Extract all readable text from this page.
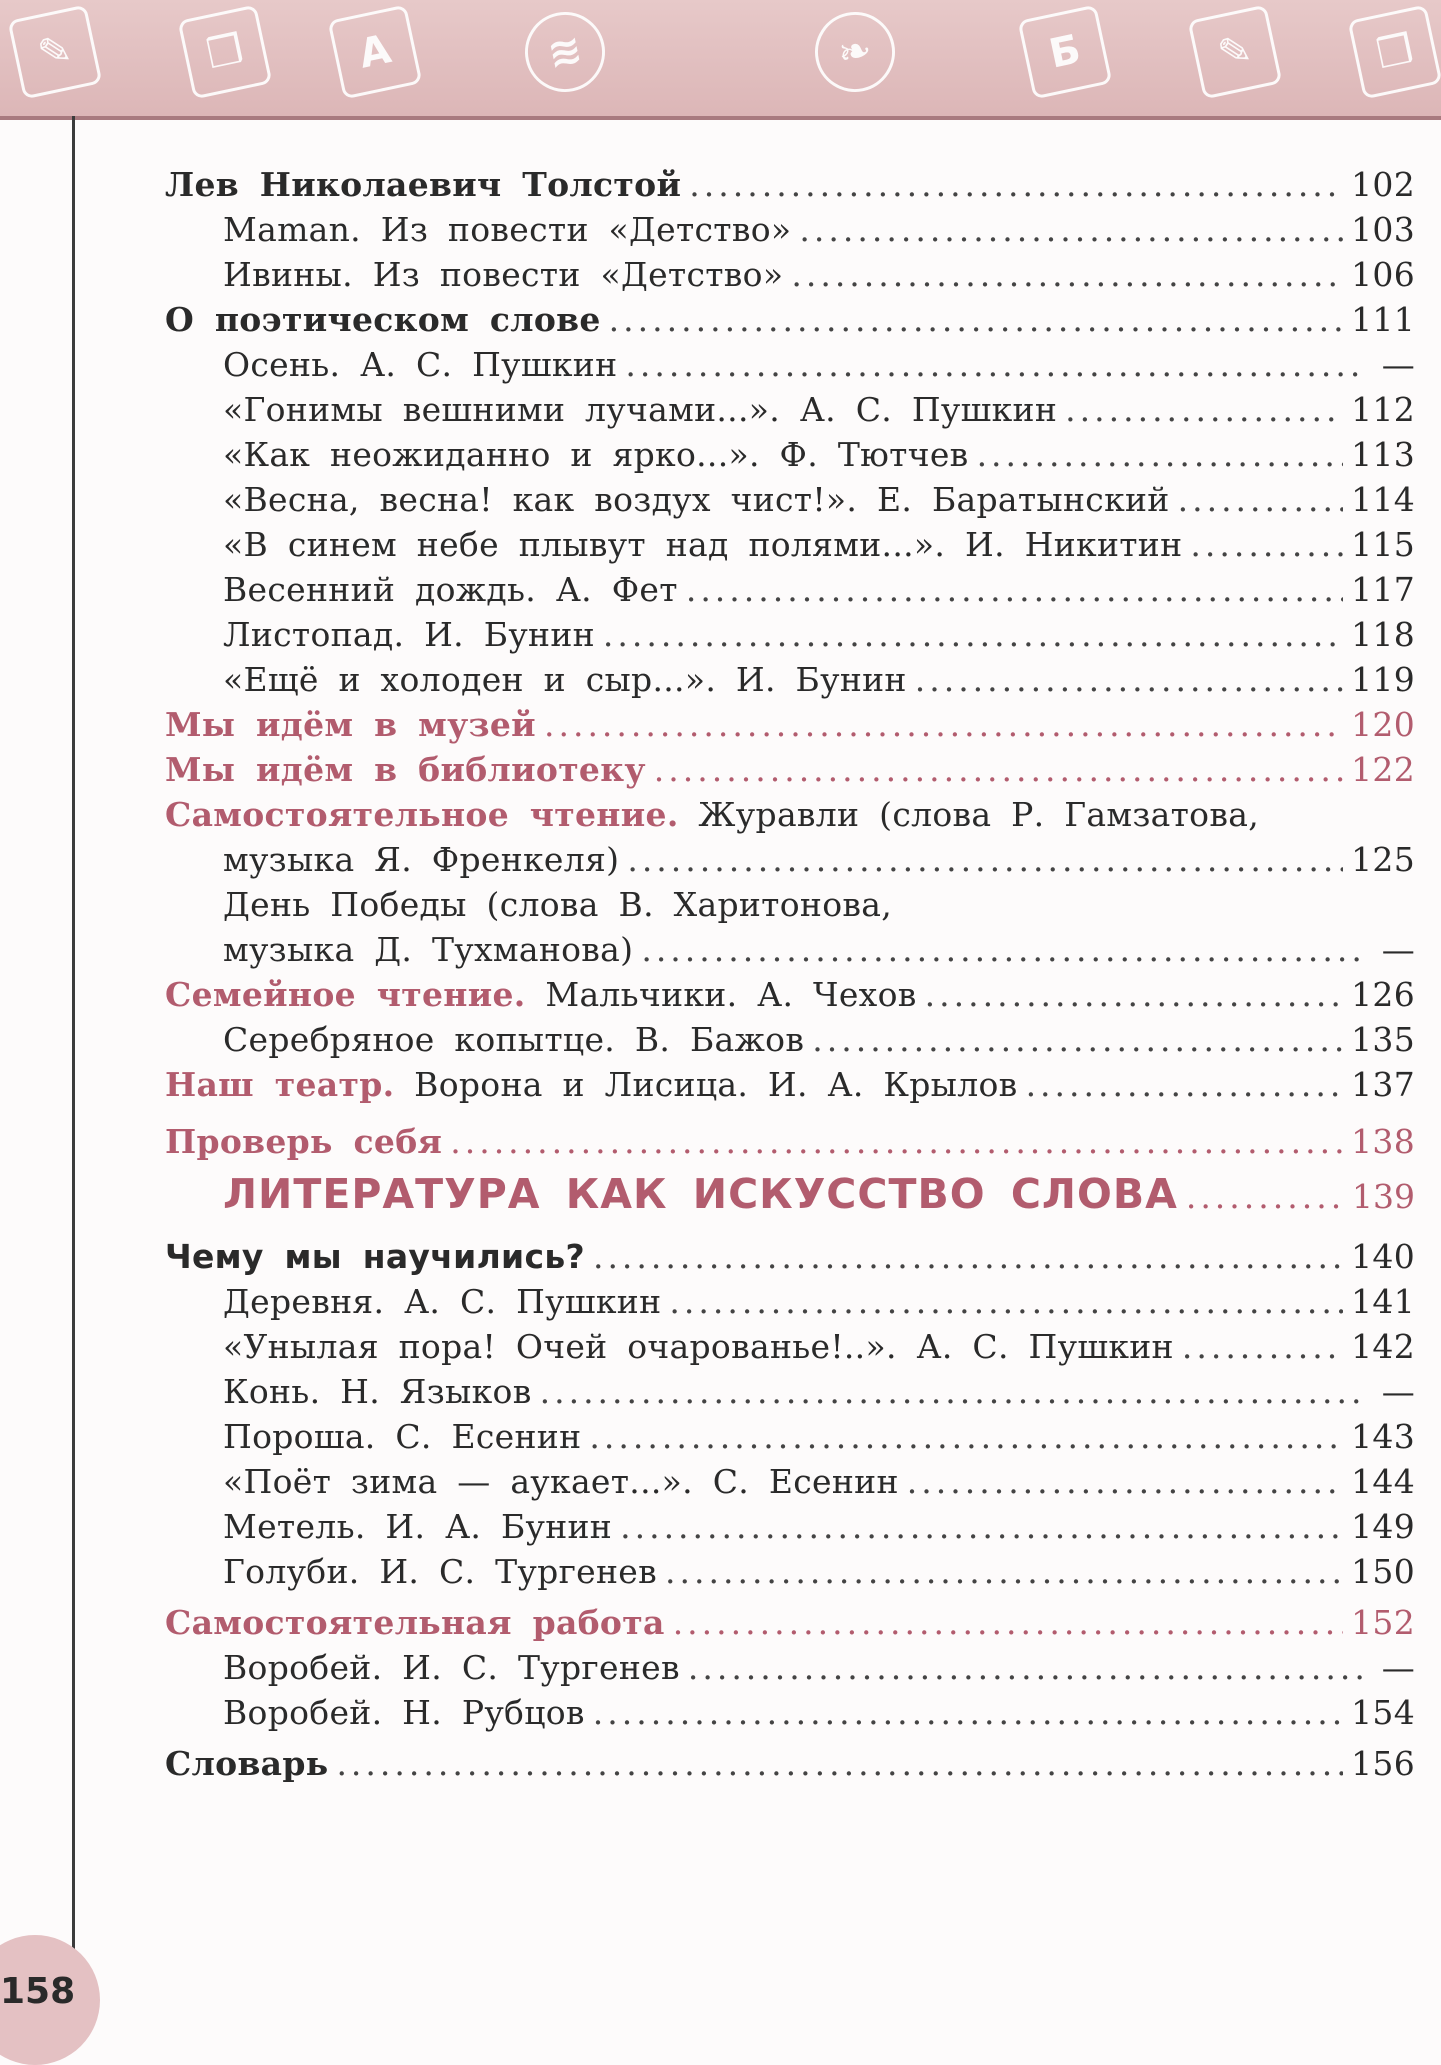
✎	❒	А	≋	❧	Б	✎	❒
Лев Николаевич Толстой .....	102
Maman. Из повести «Детство» .....	103
Ивины. Из повести «Детство» .....	106
О поэтическом слове .....	111
Осень. А. С. Пушкин .....	—
«Гонимы вешними лучами...». А. С. Пушкин .....	112
«Как неожиданно и ярко...». Ф. Тютчев .....	113
«Весна, весна! как воздух чист!». Е. Баратынский .....	114
«В синем небе плывут над полями...». И. Никитин .....	115
Весенний дождь. А. Фет .....	117
Листопад. И. Бунин .....	118
«Ещё и холоден и сыр...». И. Бунин .....	119
Мы идём в музей .....	120
Мы идём в библиотеку .....	122
Самостоятельное чтение. Журавли (слова Р. Гамзатова,
музыка Я. Френкеля) .....	125
День Победы (слова В. Харитонова,
музыка Д. Тухманова) .....	—
Семейное чтение. Мальчики. А. Чехов .....	126
Серебряное копытце. В. Бажов .....	135
Наш театр. Ворона и Лисица. И. А. Крылов .....	137
Проверь себя .....	138
ЛИТЕРАТУРА КАК ИСКУССТВО СЛОВА .....	139
Чему мы научились? .....	140
Деревня. А. С. Пушкин .....	141
«Унылая пора! Очей очарованье!..». А. С. Пушкин .....	142
Конь. Н. Языков .....	—
Пороша. С. Есенин .....	143
«Поёт зима — аукает...». С. Есенин .....	144
Метель. И. А. Бунин .....	149
Голуби. И. С. Тургенев .....	150
Самостоятельная работа .....	152
Воробей. И. С. Тургенев .....	—
Воробей. Н. Рубцов .....	154
Словарь .....	156
158
